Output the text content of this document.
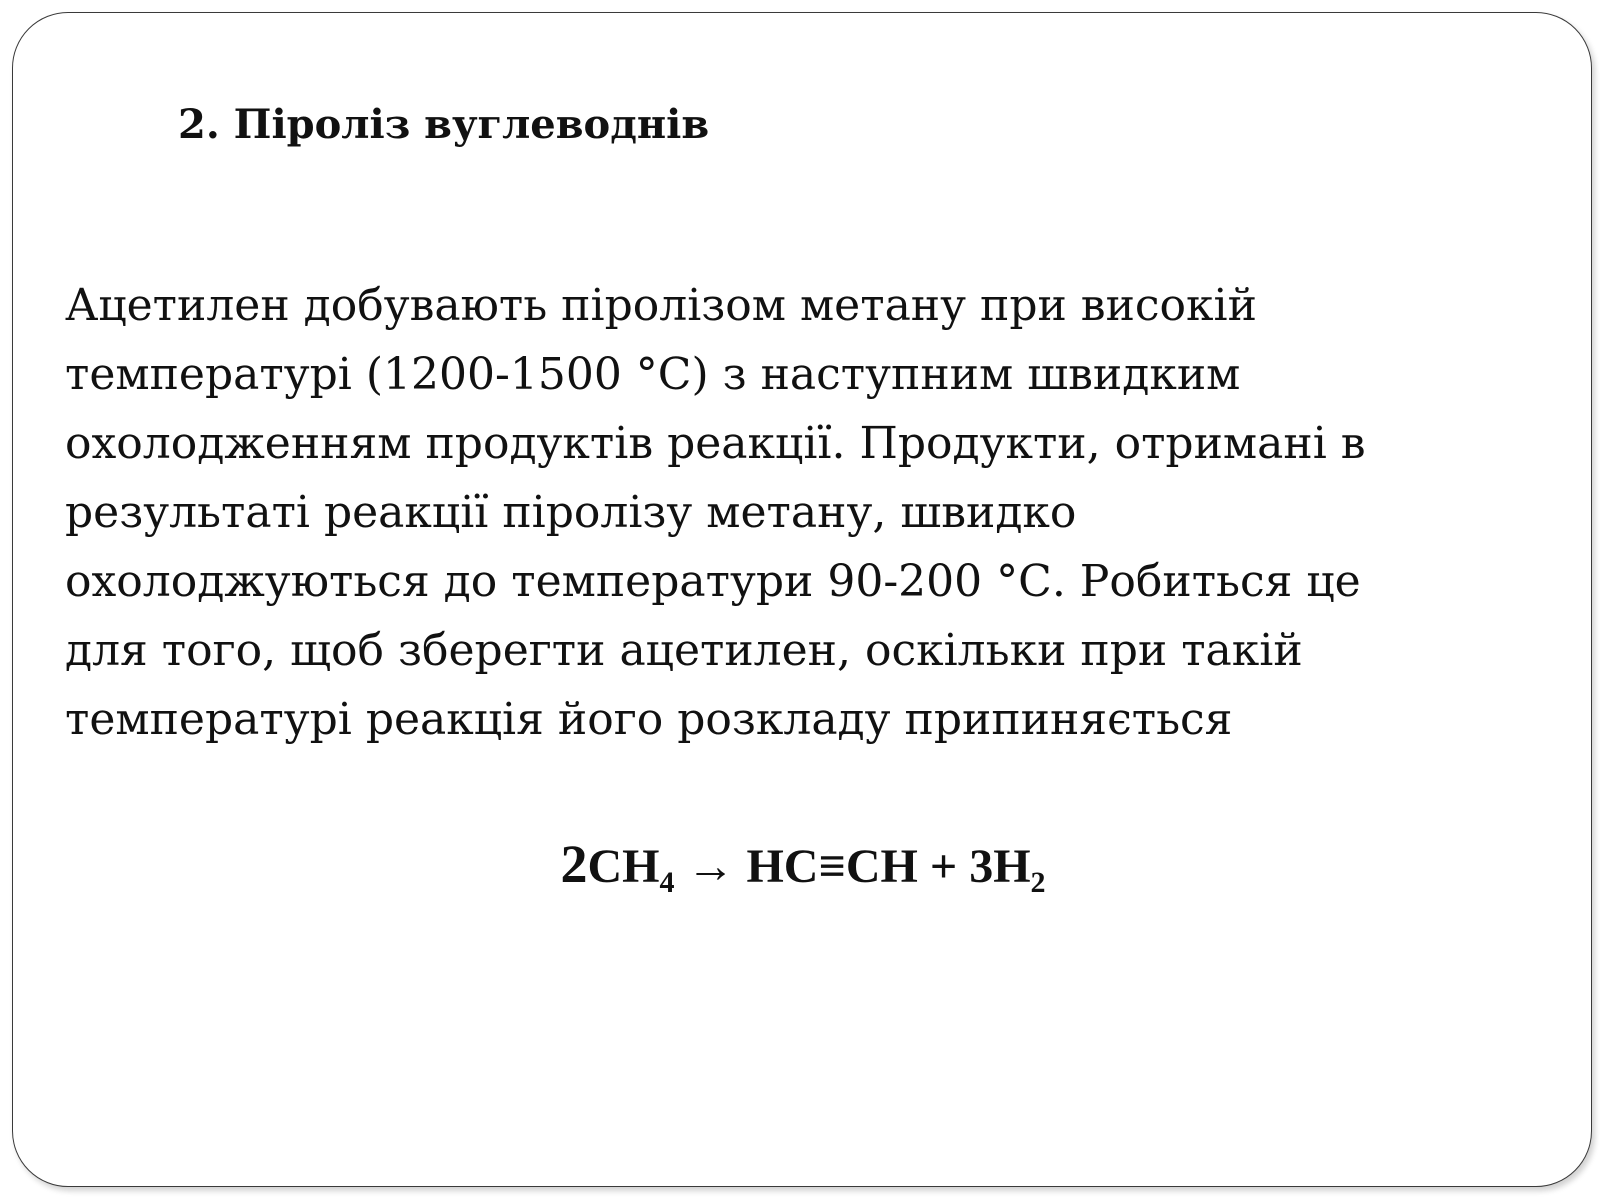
2. Піроліз вуглеводнів

Ацетилен добувають піролізом метану при високій
температурі (1200-1500 °С) з наступним швидким
охолодженням продуктів реакції. Продукти, отримані в
результаті реакції піролізу метану, швидко
охолоджуються до температури 90-200 °С. Робиться це
для того, щоб зберегти ацетилен, оскільки при такій
температурі реакція його розкладу припиняється

$2CH_4 \to HC\equiv CH + 3H_2$
